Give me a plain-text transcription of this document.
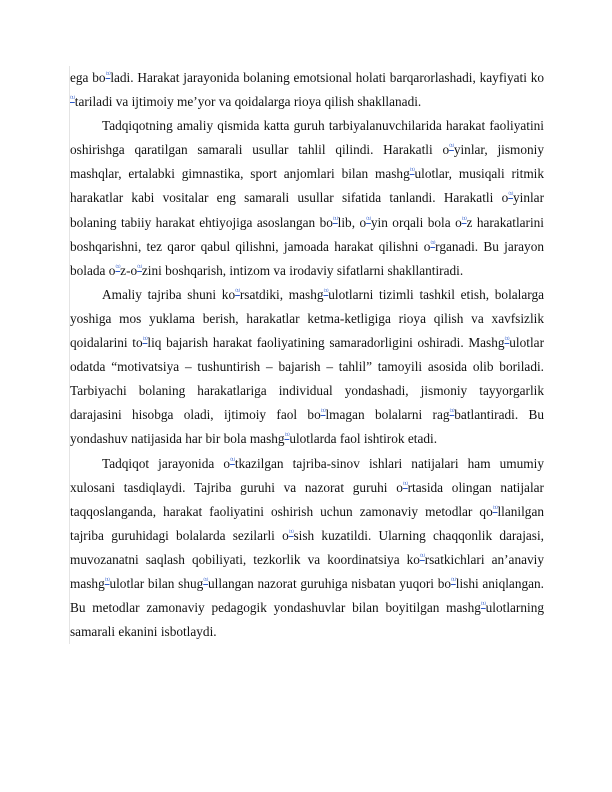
ega bo⁽¹⁾ladi. Harakat jarayonida bolaning emotsional holati barqarorlashadi, kayfiyati ko⁽¹⁾tariladi va ijtimoiy me’yor va qoidalarga rioya qilish shakllanadi.

Tadqiqotning amaliy qismida katta guruh tarbiyalanuvchilarida harakat faoliyatini oshirishga qaratilgan samarali usullar tahlil qilindi. Harakatli o⁽¹⁾yinlar, jismoniy mashqlar, ertalabki gimnastika, sport anjomlari bilan mashg⁽¹⁾ulotlar, musiqali ritmik harakatlar kabi vositalar eng samarali usullar sifatida tanlandi. Harakatli o⁽¹⁾yinlar bolaning tabiiy harakat ehtiyojiga asoslangan bo⁽¹⁾lib, o⁽¹⁾yin orqali bola o⁽¹⁾z harakatlarini boshqarishni, tez qaror qabul qilishni, jamoada harakat qilishni o⁽¹⁾rganadi. Bu jarayon bolada o⁽¹⁾z-o⁽¹⁾zini boshqarish, intizom va irodaviy sifatlarni shakllantiradi.

Amaliy tajriba shuni ko⁽¹⁾rsatdiki, mashg⁽¹⁾ulotlarni tizimli tashkil etish, bolalarga yoshiga mos yuklama berish, harakatlar ketma-ketligiga rioya qilish va xavfsizlik qoidalarini to⁽¹⁾liq bajarish harakat faoliyatining samaradorligini oshiradi. Mashg⁽¹⁾ulotlar odatda “motivatsiya – tushuntirish – bajarish – tahlil” tamoyili asosida olib boriladi. Tarbiyachi bolaning harakatlariga individual yondashadi, jismoniy tayyorgarlik darajasini hisobga oladi, ijtimoiy faol bo⁽¹⁾lmagan bolalarni rag⁽¹⁾batlantiradi. Bu yondashuv natijasida har bir bola mashg⁽¹⁾ulotlarda faol ishtirok etadi.

Tadqiqot jarayonida o⁽¹⁾tkazilgan tajriba-sinov ishlari natijalari ham umumiy xulosani tasdiqlaydi. Tajriba guruhi va nazorat guruhi o⁽¹⁾rtasida olingan natijalar taqqoslanganda, harakat faoliyatini oshirish uchun zamonaviy metodlar qo⁽¹⁾llanilgan tajriba guruhidagi bolalarda sezilarli o⁽¹⁾sish kuzatildi. Ularning chaqqonlik darajasi, muvozanatni saqlash qobiliyati, tezkorlik va koordinatsiya ko⁽¹⁾rsatkichlari an’anaviy mashg⁽¹⁾ulotlar bilan shug⁽¹⁾ullangan nazorat guruhiga nisbatan yuqori bo⁽¹⁾lishi aniqlangan. Bu metodlar zamonaviy pedagogik yondashuvlar bilan boyitilgan mashg⁽¹⁾ulotlarning samarali ekanini isbotlaydi.
